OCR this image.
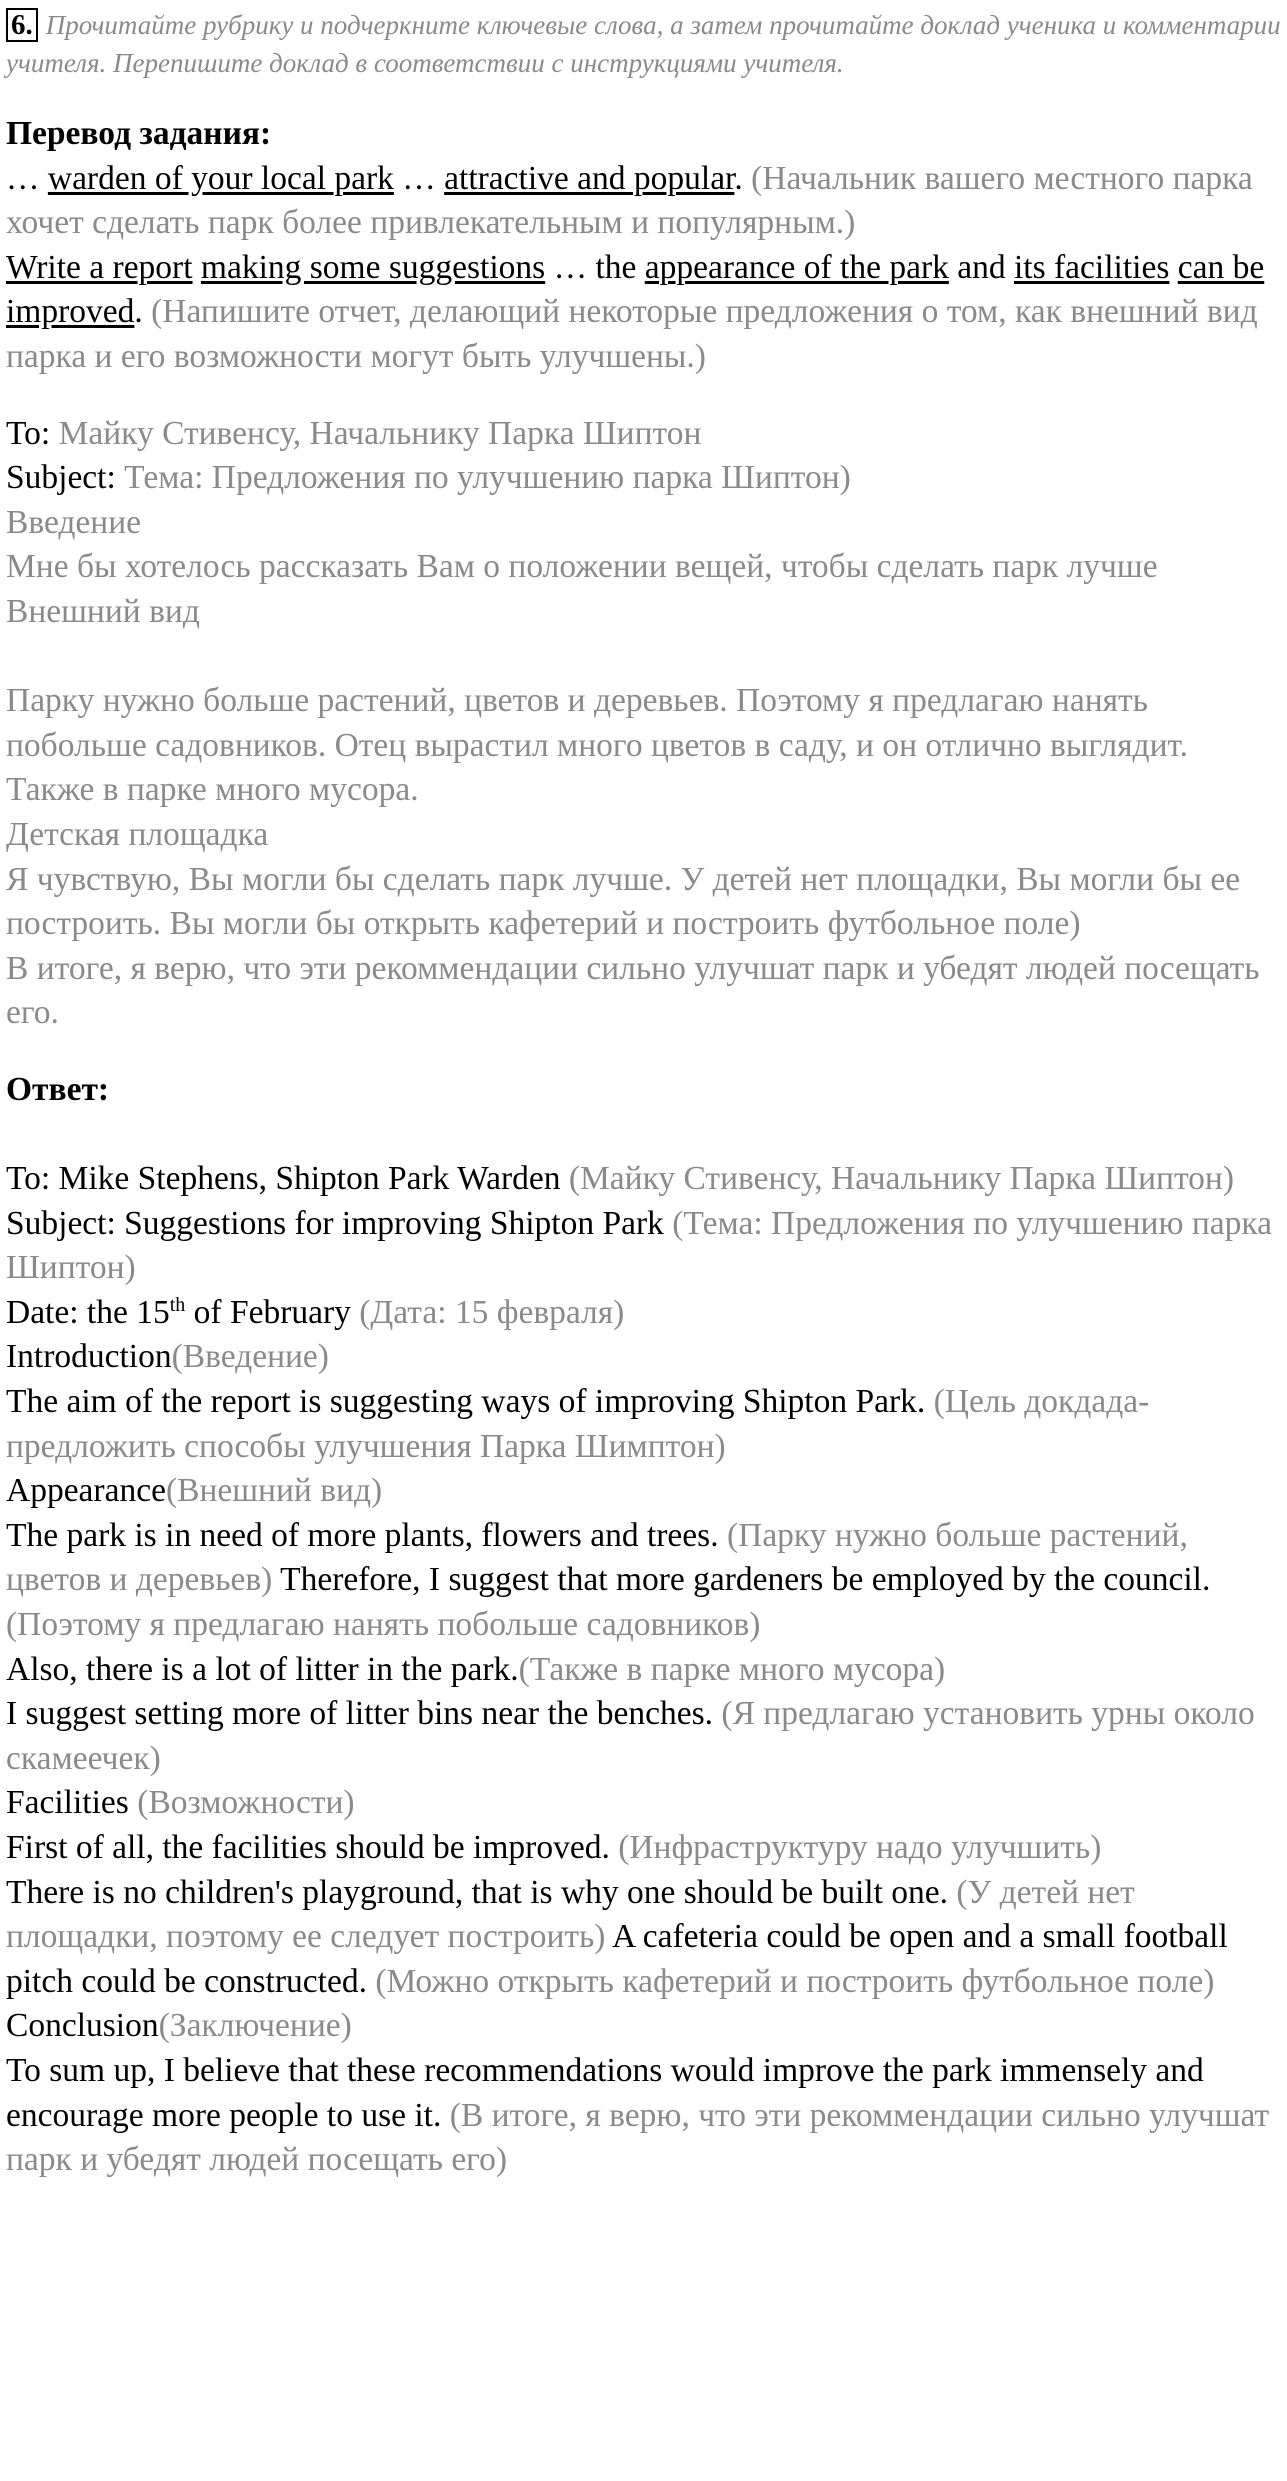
6. Прочитайте рубрику и подчеркните ключевые слова, а затем прочитайте доклад ученика и комментарии учителя. Перепишите доклад в соответствии с инструкциями учителя.

Перевод задания:

… warden of your local park … attractive and popular. (Начальник вашего местного парка хочет сделать парк более привлекательным и популярным.)

Write a report making some suggestions … the appearance of the park and its facilities can be improved. (Напишите отчет, делающий некоторые предложения о том, как внешний вид парка и его возможности могут быть улучшены.)

To: Майку Стивенсу, Начальнику Парка Шиптон

Subject: Тема: Предложения по улучшению парка Шиптон)

Введение

Мне бы хотелось рассказать Вам о положении вещей, чтобы сделать парк лучше

Внешний вид

Парку нужно больше растений, цветов и деревьев. Поэтому я предлагаю нанять побольше садовников. Отец вырастил много цветов в саду, и он отлично выглядит. Также в парке много мусора.

Детская площадка

Я чувствую, Вы могли бы сделать парк лучше. У детей нет площадки, Вы могли бы ее построить. Вы могли бы открыть кафетерий и построить футбольное поле)

В итоге, я верю, что эти рекоммендации сильно улучшат парк и убедят людей посещать его.

Ответ:

To: Mike Stephens, Shipton Park Warden (Майку Стивенсу, Начальнику Парка Шиптон)

Subject: Suggestions for improving Shipton Park (Тема: Предложения по улучшению парка Шиптон)

Date: the 15th of February (Дата: 15 февраля)

Introduction(Введение)

The aim of the report is suggesting ways of improving Shipton Park. (Цель докдада-предложить способы улучшения Парка Шимптон)

Appearance(Внешний вид)

The park is in need of more plants, flowers and trees. (Парку нужно больше растений, цветов и деревьев) Therefore, I suggest that more gardeners be employed by the council. (Поэтому я предлагаю нанять побольше садовников)

Also, there is a lot of litter in the park.(Также в парке много мусора)

I suggest setting more of litter bins near the benches. (Я предлагаю установить урны около скамеечек)

Facilities (Возможности)

First of all, the facilities should be improved. (Инфраструктуру надо улучшить)

There is no children's playground, that is why one should be built one. (У детей нет площадки, поэтому ее следует построить) A cafeteria could be open and a small football pitch could be constructed. (Можно открыть кафетерий и построить футбольное поле)

Conclusion(Заключение)

To sum up, I believe that these recommendations would improve the park immensely and encourage more people to use it. (В итоге, я верю, что эти рекоммендации сильно улучшат парк и убедят людей посещать его)
